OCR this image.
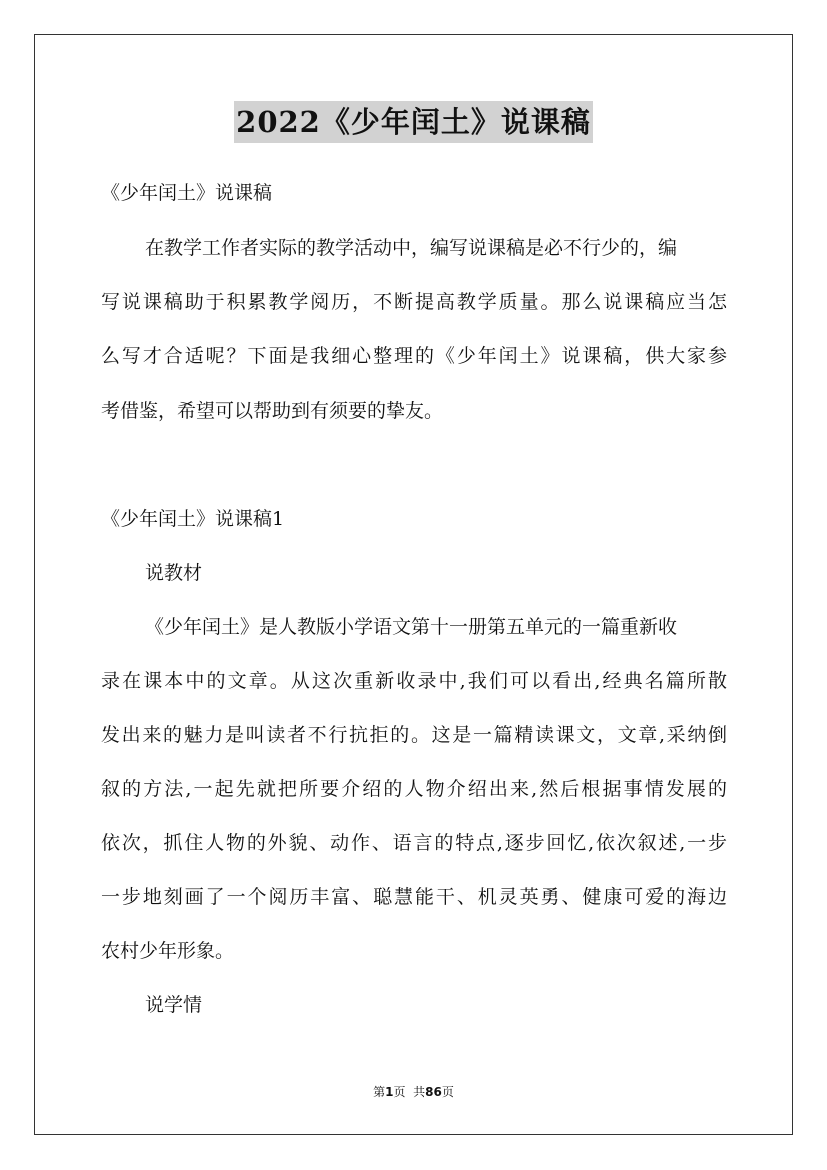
2022《少年闰土》说课稿
《少年闰土》说课稿
在教学工作者实际的教学活动中，编写说课稿是必不行少的，编
写说课稿助于积累教学阅历，不断提高教学质量。那么说课稿应当怎
么写才合适呢？下面是我细心整理的《少年闰土》说课稿，供大家参
考借鉴，希望可以帮助到有须要的挚友。
《少年闰土》说课稿1
说教材
《少年闰土》是人教版小学语文第十一册第五单元的一篇重新收
录在课本中的文章。从这次重新收录中,我们可以看出,经典名篇所散
发出来的魅力是叫读者不行抗拒的。这是一篇精读课文，文章,采纳倒
叙的方法,一起先就把所要介绍的人物介绍出来,然后根据事情发展的
依次，抓住人物的外貌、动作、语言的特点,逐步回忆,依次叙述,一步
一步地刻画了一个阅历丰富、聪慧能干、机灵英勇、健康可爱的海边
农村少年形象。
说学情
第1页  共86页
